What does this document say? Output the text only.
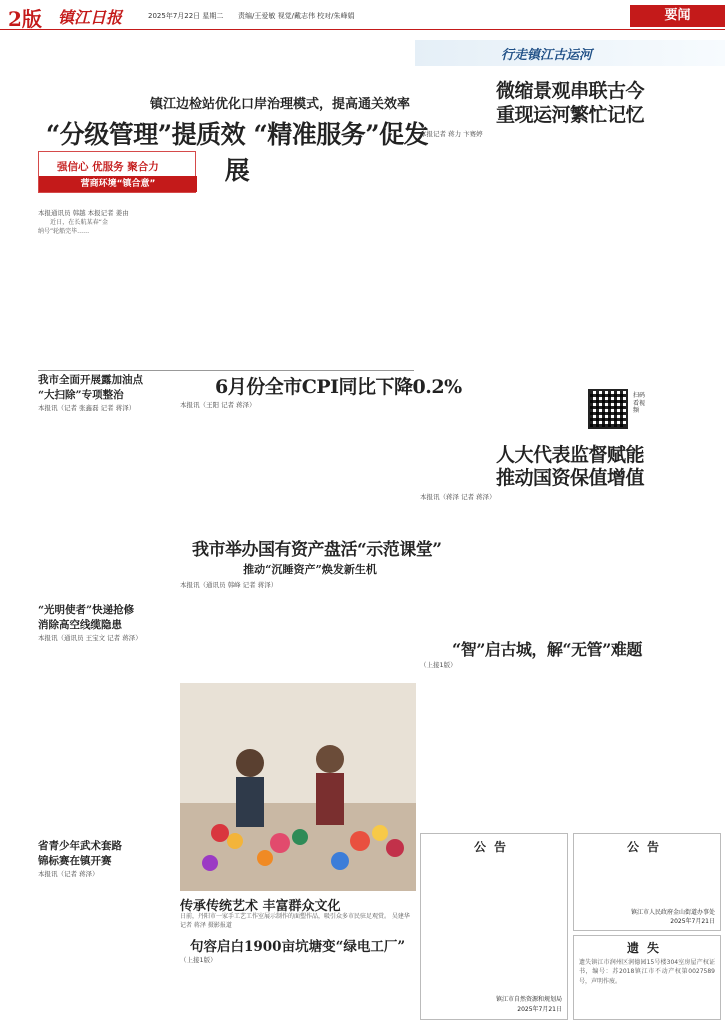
2版 镇江日报	2025年7月22日 星期二 责编/王爱敏 视觉/戴志伟 校对/朱峰娟	要闻
镇江边检站优化口岸治理模式，提高通关效率
“分级管理”提质效 “精准服务”促发展
强信心 优服务 聚合力
营商环境“镇合意”
本报通讯员 韩越 本报记者 姜由

近日，在长航某春“金纳号”轮船完毕……

行走镇江古运河
微缩景观串联古今
重现运河繁忙记忆
本报记者 蒋力 卞赛婷
扫码看视频
我市全面开展露加油点
“大扫除”专项整治
本报讯（记者 张鑫磊 记者 蒋泽）
6月份全市CPI同比下降0.2%
本报讯（王阳 记者 蒋泽）
人大代表监督赋能
推动国资保值增值
本报讯（蒋泽 记者 蒋泽）
我市举办国有资产盘活“示范课堂”
推动“沉睡资产”焕发新生机
本报讯（通讯员 韩峰 记者 蒋泽）
“光明使者”快递抢修
消除高空线缆隐患
本报讯（通讯员 王宝文 记者 蒋泽）
传承传统艺术 丰富群众文化
日前，丹阳市一家手工艺工作室展示制作的面塑作品，吸引众多市民驻足观赏。 吴建华 记者 蒋泽 摄影报道
“智”启古城，解“无管”难题
（上接1版）
省青少年武术套路
锦标赛在镇开赛
本报讯（记者 蒋泽）
句容启白1900亩坑塘变“绿电工厂”
（上接1版）
公告
镇江市自然资源和规划局
2025年7月21日
公告
镇江市人民政府金山街道办事处
2025年7月21日
遗失
遗失镇江市润州区润德园15号楼304室房屋产权证书，编号：苏2018镇江市不动产权第0027589号，声明作废。
